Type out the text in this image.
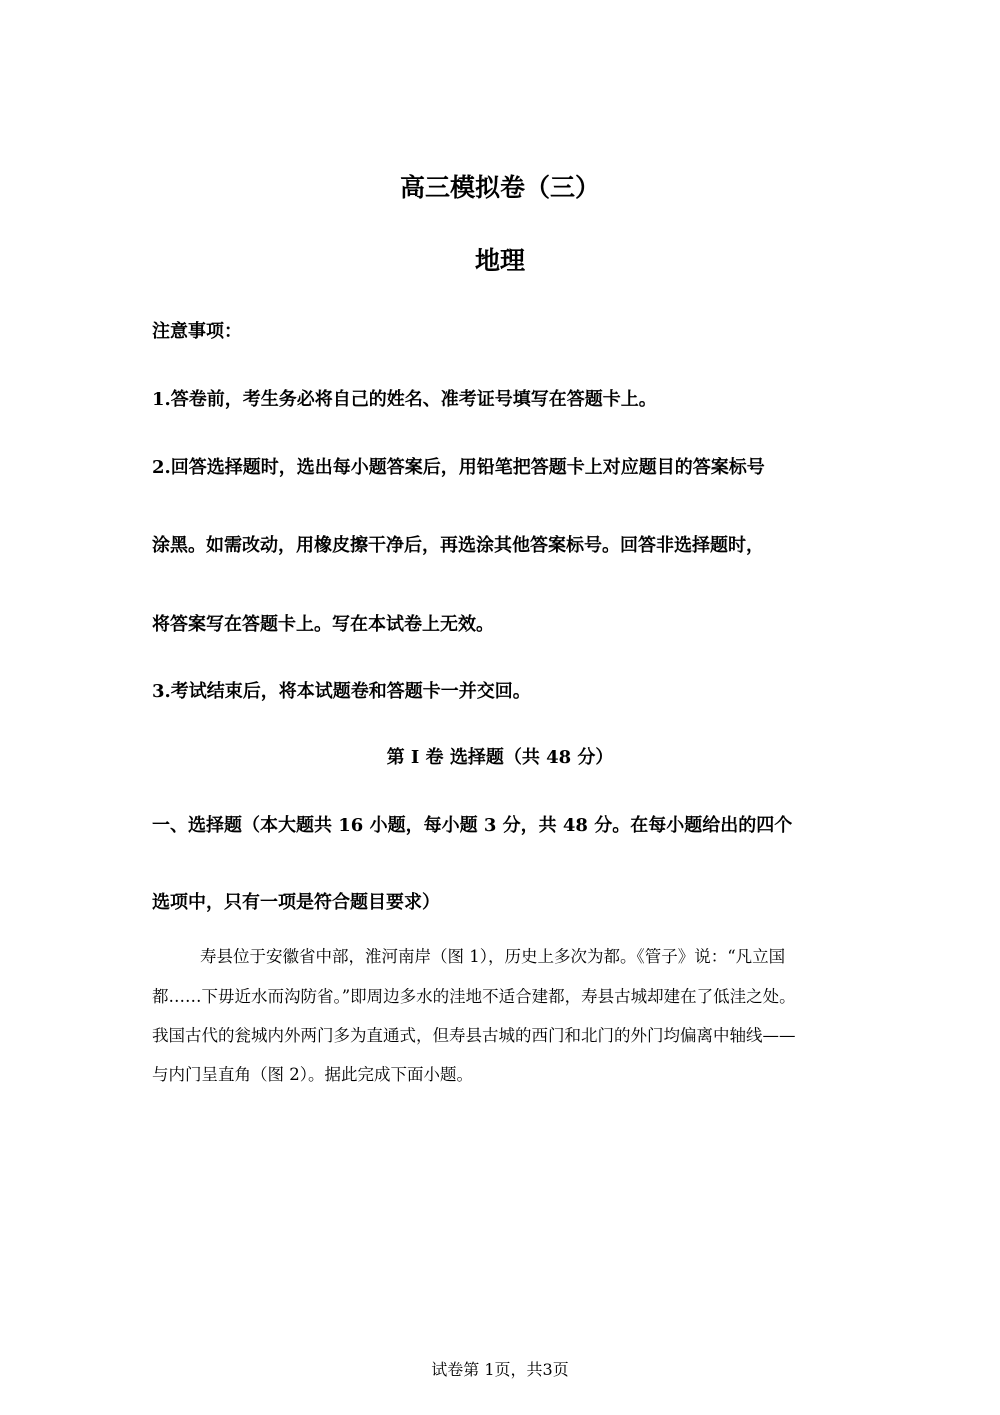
高三模拟卷（三）
地理
注意事项：
1.答卷前，考生务必将自己的姓名、准考证号填写在答题卡上。
2.回答选择题时，选出每小题答案后，用铅笔把答题卡上对应题目的答案标号
涂黑。如需改动，用橡皮擦干净后，再选涂其他答案标号。回答非选择题时，
将答案写在答题卡上。写在本试卷上无效。
3.考试结束后，将本试题卷和答题卡一并交回。
第 I 卷 选择题（共 48 分）
一、选择题（本大题共 16 小题，每小题 3 分，共 48 分。在每小题给出的四个
选项中，只有一项是符合题目要求）
寿县位于安徽省中部，淮河南岸（图 1），历史上多次为都。《管子》说：“凡立国
都……下毋近水而沟防省。”即周边多水的洼地不适合建都，寿县古城却建在了低洼之处。
我国古代的瓮城内外两门多为直通式，但寿县古城的西门和北门的外门均偏离中轴线——
与内门呈直角（图 2）。据此完成下面小题。
试卷第 1页，共3页
